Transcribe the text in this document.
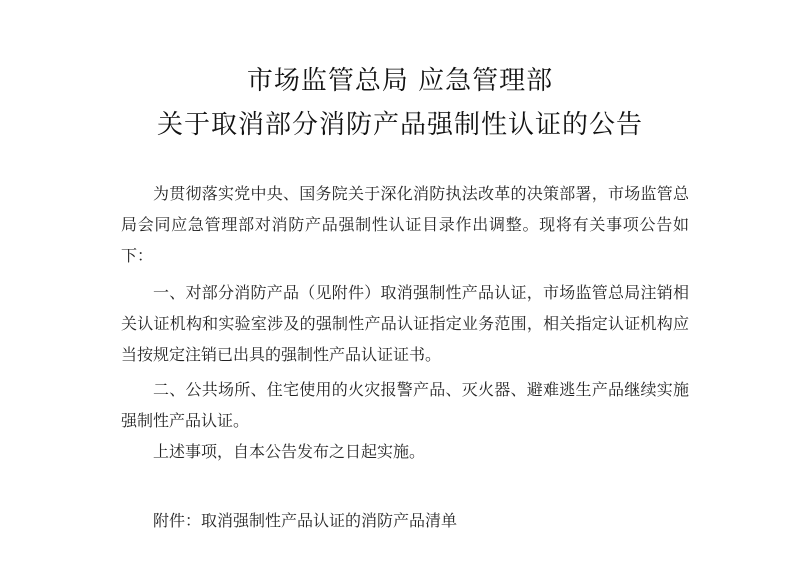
市场监管总局 应急管理部
关于取消部分消防产品强制性认证的公告

为贯彻落实党中央、国务院关于深化消防执法改革的决策部署，市场监管总局会同应急管理部对消防产品强制性认证目录作出调整。现将有关事项公告如下：

一、对部分消防产品（见附件）取消强制性产品认证，市场监管总局注销相关认证机构和实验室涉及的强制性产品认证指定业务范围，相关指定认证机构应当按规定注销已出具的强制性产品认证证书。

二、公共场所、住宅使用的火灾报警产品、灭火器、避难逃生产品继续实施强制性产品认证。

上述事项，自本公告发布之日起实施。

附件：取消强制性产品认证的消防产品清单
